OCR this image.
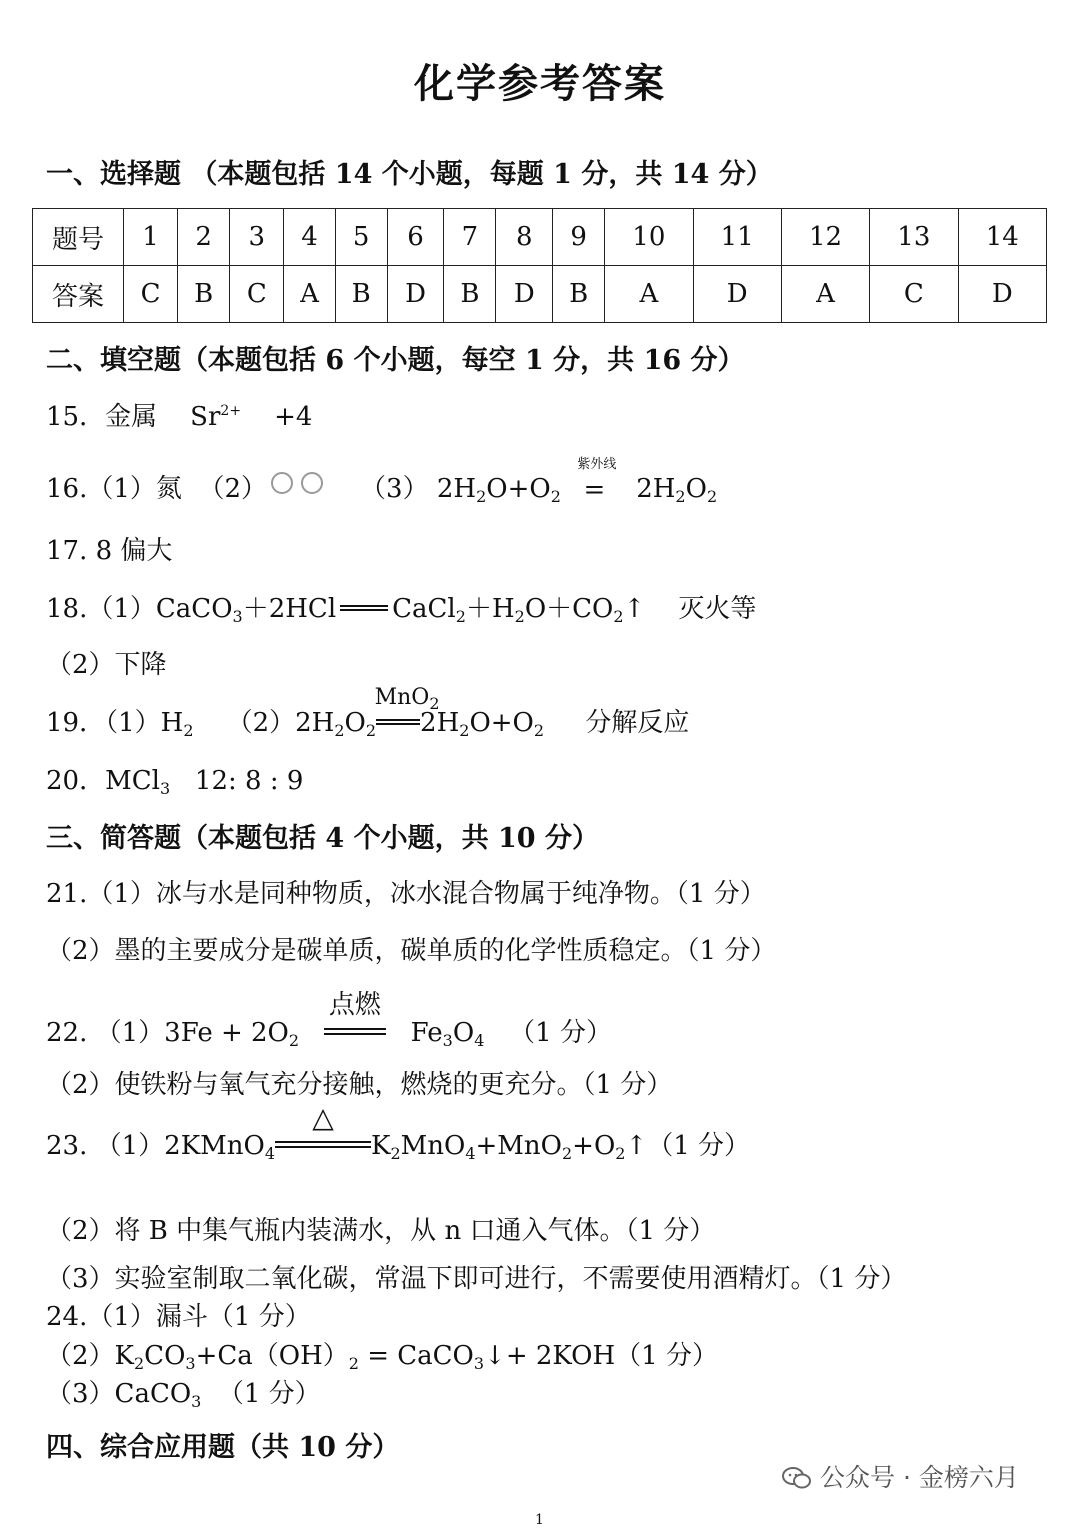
化学参考答案
一、选择题 （本题包括 14 个小题，每题 1 分，共 14 分）
题号	1	2	3	4	5	6	7	8	9	10	11	12	13	14
答案	C	B	C	A	B	D	B	D	B	A	D	A	C	D
二、填空题（本题包括 6 个小题，每空 1 分，共 16 分）
15．金属 $Sr^{2+} +4$
16.（1）氮 （2）	（3） $2H_2O+O_2$
紫外线
=   $2H_2O_2$
17. 8 偏大
18.（1）CaCO$_3$＋2HCl $CaCl_2+H_2O+CO_2↑$    灭火等
（2）下降
19．$(1)H_2$ $(2)2H_2O_2$
MnO$_2$
$2H_2O+O_2$ 分解反应
20．MCl$_3$ 12: 8 : 9
三、简答题（本题包括 4 个小题，共 10 分）
21.（1）冰与水是同种物质，冰水混合物属于纯净物。（1 分）
（2）墨的主要成分是碳单质，碳单质的化学性质稳定。（1 分）
22. $(1)3Fe + 2O_2$
点燃
$Fe_3O_4$ （1 分）
（2）使铁粉与氧气充分接触，燃烧的更充分。（1 分）
23. （1）2KMnO$_4$
△
$K_2MnO_4+MnO_2+O_2↑(1$ 分）
（2）将 B 中集气瓶内装满水，从 n 口通入气体。（1 分）
（3）实验室制取二氧化碳，常温下即可进行，不需要使用酒精灯。（1 分）
24.（1）漏斗（1 分）
$(2)K_2CO_3+Ca(OH)_2$ = CaCO$_3$↓+ 2KOH（1 分）
（3）CaCO$_3$ （1 分）
四、综合应用题（共 10 分）
公众号 · 金榜六月
1
